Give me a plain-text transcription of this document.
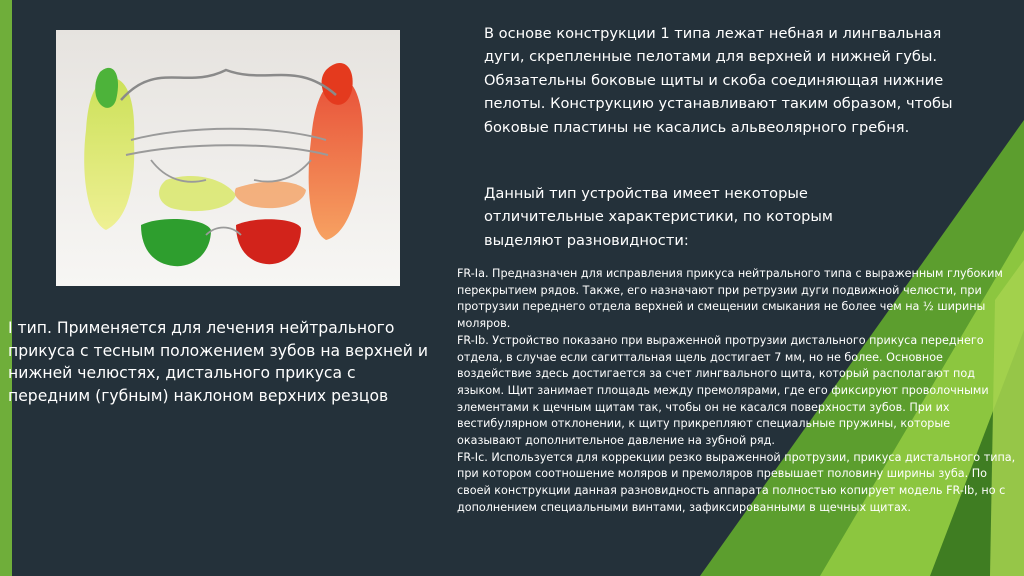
В основе конструкции 1 типа лежат небная и лингвальная дуги, скрепленные пелотами для верхней и нижней губы. Обязательны боковые щиты и скоба соединяющая нижние пелоты. Конструкцию устанавливают таким образом, чтобы боковые пластины не касались альвеолярного гребня.
Данный тип устройства имеет некоторые отличительные характеристики, по которым выделяют разновидности:
I тип. Применяется для лечения нейтрального прикуса с тесным положением зубов на верхней и нижней челюстях, дистального прикуса с передним (губным) наклоном верхних резцов

FR-Ia. Предназначен для исправления прикуса нейтрального типа с выраженным глубоким перекрытием рядов. Также, его назначают при ретрузии дуги подвижной челюсти, при протрузии переднего отдела верхней и смещении смыкания не более чем на ½ ширины моляров.

FR-Ib. Устройство показано при выраженной протрузии дистального прикуса переднего отдела, в случае если сагиттальная щель достигает 7 мм, но не более. Основное воздействие здесь достигается за счет лингвального щита, который располагают под языком. Щит занимает площадь между премолярами, где его фиксируют проволочными элементами к щечным щитам так, чтобы он не касался поверхности зубов. При их вестибулярном отклонении, к щиту прикрепляют специальные пружины, которые оказывают дополнительное давление на зубной ряд.

FR-Ic. Используется для коррекции резко выраженной протрузии, прикуса дистального типа, при котором соотношение моляров и премоляров превышает половину ширины зуба. По своей конструкции данная разновидность аппарата полностью копирует модель FR-Ib, но с дополнением специальными винтами, зафиксированными в щечных щитах.
